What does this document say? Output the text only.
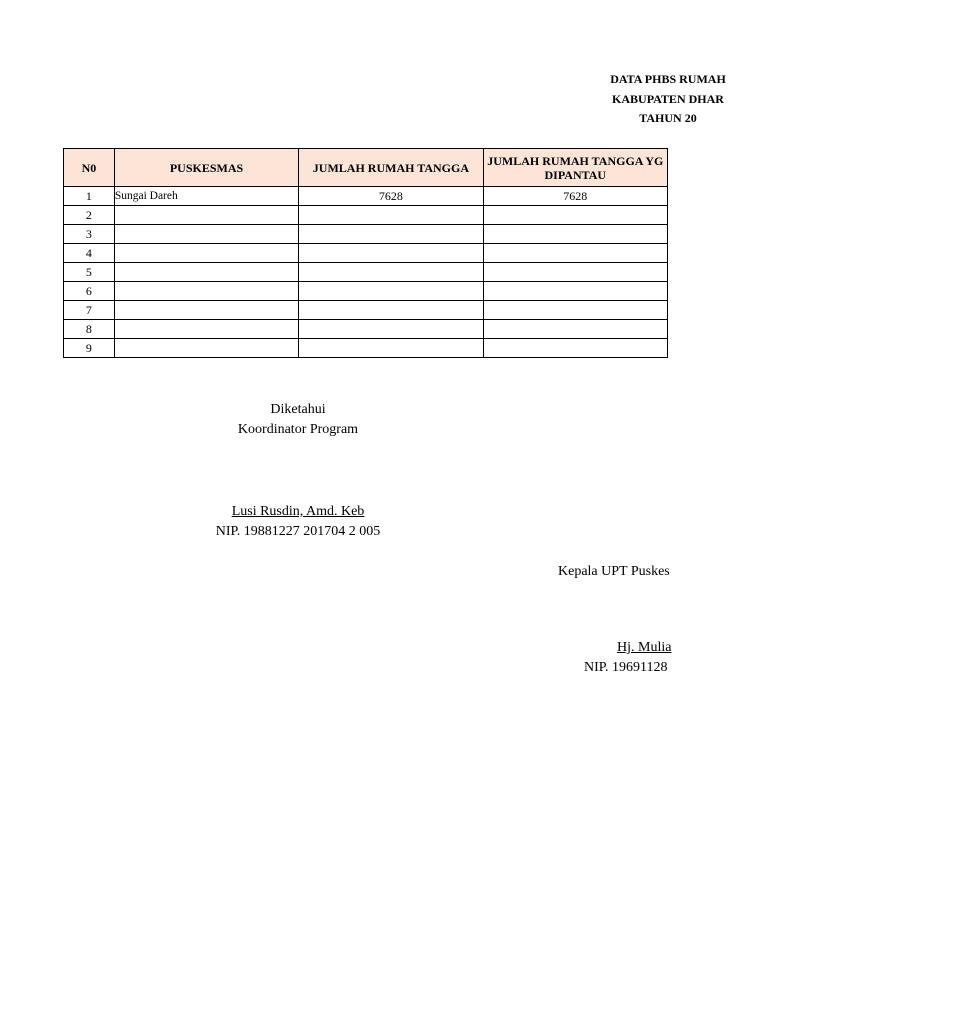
DATA PHBS RUMAH
KABUPATEN DHAR
TAHUN 20
N0	PUSKESMAS	JUMLAH RUMAH TANGGA	JUMLAH RUMAH TANGGA YG DIPANTAU
1	Sungai Dareh	7628	7628
2			
3			
4			
5			
6			
7			
8			
9			
Diketahui
Koordinator Program
Lusi Rusdin, Amd. Keb
NIP. 19881227 201704 2 005
Kepala UPT Puskes
Hj. Mulia
NIP. 19691128
